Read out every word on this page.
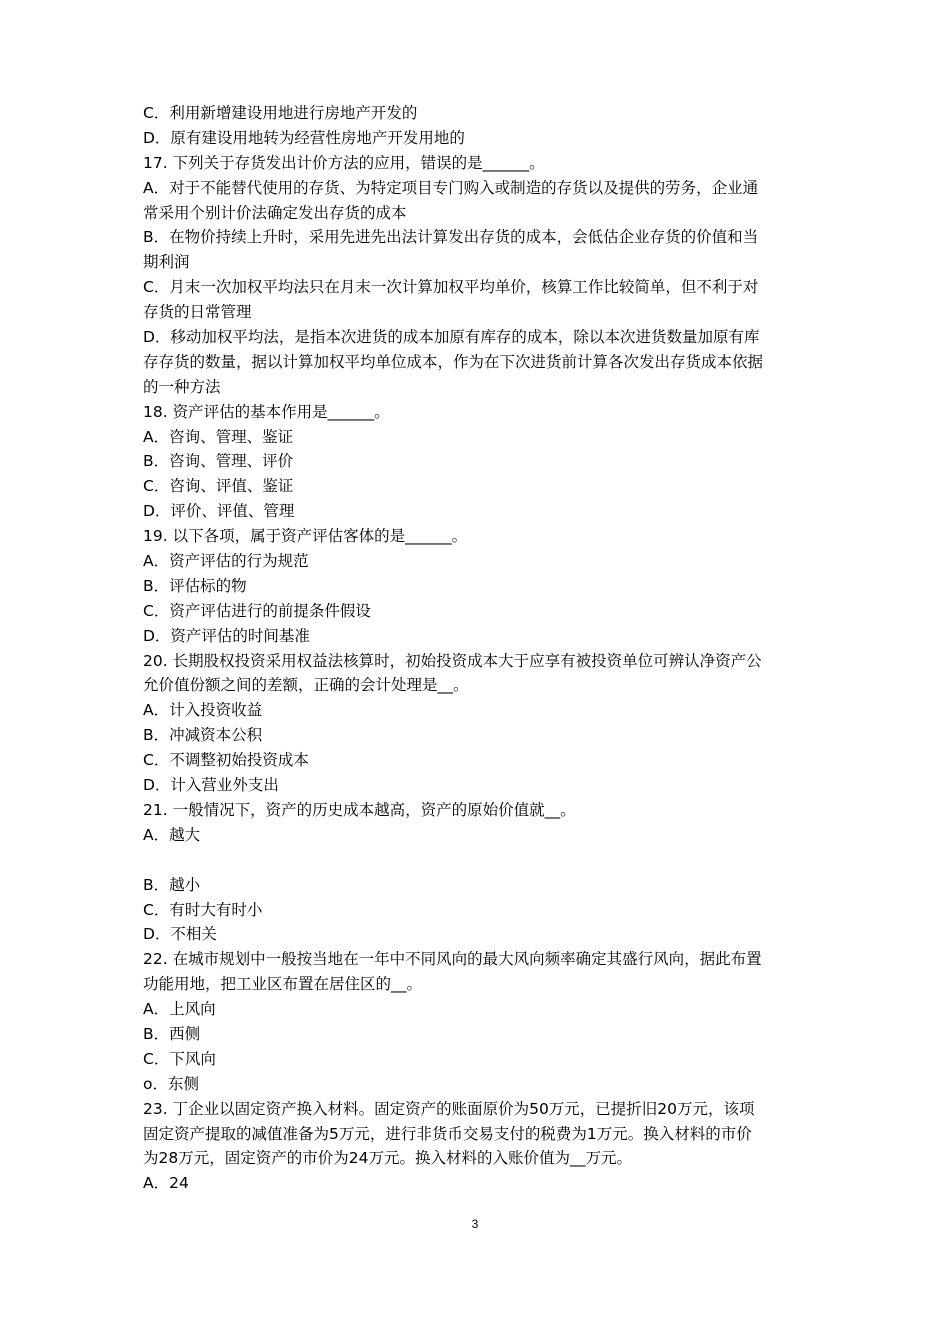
C．利用新增建设用地进行房地产开发的
D．原有建设用地转为经营性房地产开发用地的
17. 下列关于存货发出计价方法的应用，错误的是______。
A．对于不能替代使用的存货、为特定项目专门购入或制造的存货以及提供的劳务，企业通
常采用个别计价法确定发出存货的成本
B．在物价持续上升时，采用先进先出法计算发出存货的成本，会低估企业存货的价值和当
期利润
C．月末一次加权平均法只在月末一次计算加权平均单价，核算工作比较简单，但不利于对
存货的日常管理
D．移动加权平均法，是指本次进货的成本加原有库存的成本，除以本次进货数量加原有库
存存货的数量，据以计算加权平均单位成本，作为在下次进货前计算各次发出存货成本依据
的一种方法
18. 资产评估的基本作用是______。
A．咨询、管理、鉴证
B．咨询、管理、评价
C．咨询、评值、鉴证
D．评价、评值、管理
19. 以下各项，属于资产评估客体的是______。
A．资产评估的行为规范
B．评估标的物
C．资产评估进行的前提条件假设
D．资产评估的时间基准
20. 长期股权投资采用权益法核算时，初始投资成本大于应享有被投资单位可辨认净资产公
允价值份额之间的差额，正确的会计处理是__。
A．计入投资收益
B．冲减资本公积
C．不调整初始投资成本
D．计入营业外支出
21. 一般情况下，资产的历史成本越高，资产的原始价值就__。
A．越大
B．越小
C．有时大有时小
D．不相关
22. 在城市规划中一般按当地在一年中不同风向的最大风向频率确定其盛行风向，据此布置
功能用地，把工业区布置在居住区的__。
A．上风向
B．西侧
C．下风向
o．东侧
23. 丁企业以固定资产换入材料。固定资产的账面原价为50万元，已提折旧20万元，该项
固定资产提取的减值准备为5万元，进行非货币交易支付的税费为1万元。换入材料的市价
为28万元，固定资产的市价为24万元。换入材料的入账价值为__万元。
A．24
3
